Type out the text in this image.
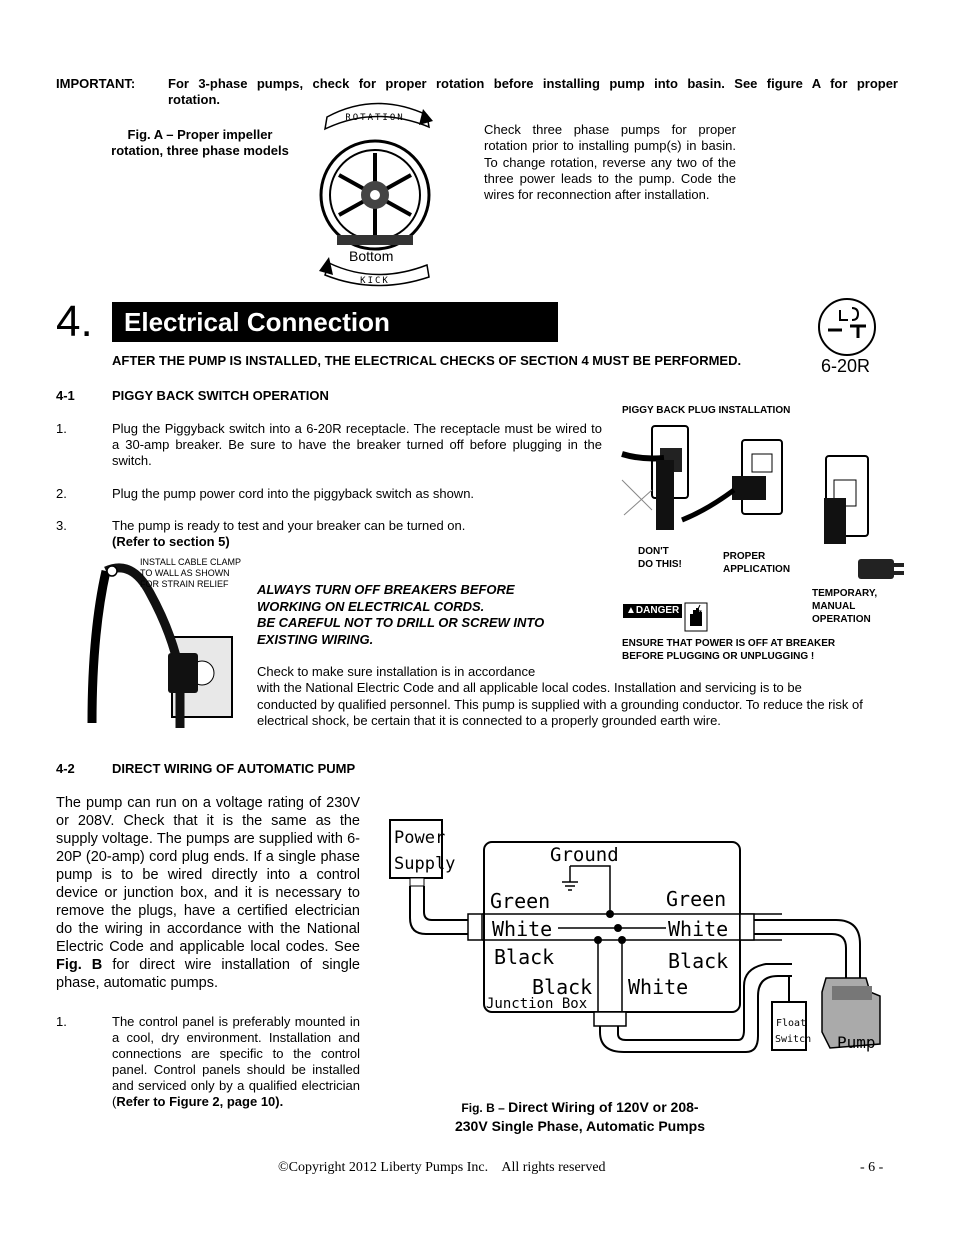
IMPORTANT:	For 3-phase pumps, check for proper rotation before installing pump into basin. See figure A for proper
rotation.
Fig. A – Proper impeller
rotation, three phase models
ROTATION
KICK
Bottom
Check three phase pumps for proper rotation prior to installing pump(s) in basin. To change rotation, reverse any two of the three power leads to the pump. Code the wires for reconnection after installation.
4.	Electrical Connection
6-20R
AFTER THE PUMP IS INSTALLED, THE ELECTRICAL CHECKS OF SECTION 4 MUST BE PERFORMED.
4-1	PIGGY BACK SWITCH OPERATION
1.	Plug the Piggyback switch into a 6-20R receptacle. The receptacle must be wired to a 30-amp breaker. Be sure to have the breaker turned off before plugging in the switch.
2.	Plug the pump power cord into the piggyback switch as shown.
3.	The pump is ready to test and your breaker can be turned on.
(Refer to section 5)
PIGGY BACK PLUG INSTALLATION
DON'T
DO THIS!
PROPER
APPLICATION
TEMPORARY,
MANUAL
OPERATION
▲DANGER
ENSURE THAT POWER IS OFF AT BREAKER
BEFORE PLUGGING OR UNPLUGGING !
INSTALL CABLE CLAMP
TO WALL AS SHOWN
FOR STRAIN RELIEF	ALWAYS TURN OFF BREAKERS BEFORE
WORKING ON ELECTRICAL CORDS.
BE CAREFUL NOT TO DRILL OR SCREW INTO
EXISTING WIRING.
Check to make sure installation is in accordance
with the National Electric Code and all applicable local codes. Installation and servicing is to be conducted by qualified personnel. This pump is supplied with a grounding conductor. To reduce the risk of electrical shock, be certain that it is connected to a properly grounded earth wire.
4-2	DIRECT WIRING OF AUTOMATIC PUMP
The pump can run on a voltage rating of 230V or 208V. Check that it is the same as the supply voltage. The pumps are supplied with 6-20P (20-amp) cord plug ends. If a single phase pump is to be wired directly into a control device or junction box, and it is necessary to remove the plugs, have a certified electrician do the wiring in accordance with the National Electric Code and applicable local codes. See Fig. B for direct wire installation of single phase, automatic pumps.
1.	The control panel is preferably mounted in a cool, dry environment. Installation and connections are specific to the control panel. Control panels should be installed and serviced only by a qualified electrician (Refer to Figure 2, page 10).
Power
Supply	Ground
Green	Green
White	White
Black	Black
Black White
Junction Box
Float
Switch Pump
Fig. B – Direct Wiring of 120V or 208-
230V Single Phase, Automatic Pumps
©Copyright 2012 Liberty Pumps Inc.    All rights reserved	- 6 -
